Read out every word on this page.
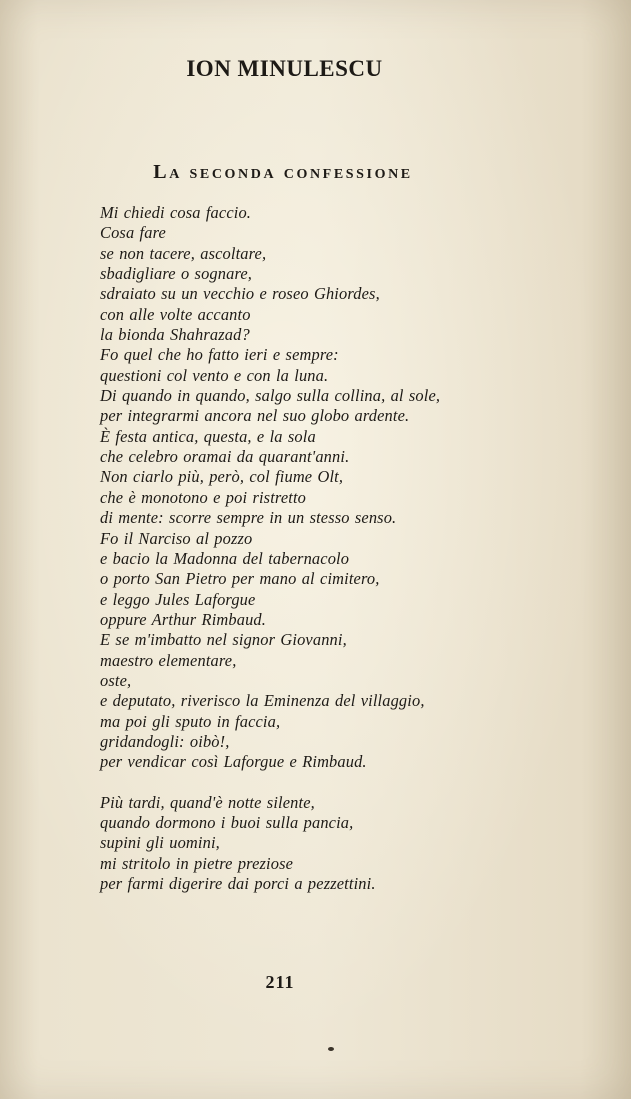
ION MINULESCU
La seconda confessione
Mi chiedi cosa faccio.
Cosa fare
se non tacere, ascoltare,
sbadigliare o sognare,
sdraiato su un vecchio e roseo Ghiordes,
con alle volte accanto
la bionda Shahrazad?
Fo quel che ho fatto ieri e sempre:
questioni col vento e con la luna.
Di quando in quando, salgo sulla collina, al sole,
per integrarmi ancora nel suo globo ardente.
È festa antica, questa, e la sola
che celebro oramai da quarant'anni.
Non ciarlo più, però, col fiume Olt,
che è monotono e poi ristretto
di mente: scorre sempre in un stesso senso.
Fo il Narciso al pozzo
e bacio la Madonna del tabernacolo
o porto San Pietro per mano al cimitero,
e leggo Jules Laforgue
oppure Arthur Rimbaud.
E se m'imbatto nel signor Giovanni,
maestro elementare,
oste,
e deputato, riverisco la Eminenza del villaggio,
ma poi gli sputo in faccia,
gridandogli: oibò!,
per vendicar così Laforgue e Rimbaud.
Più tardi, quand'è notte silente,
quando dormono i buoi sulla pancia,
supini gli uomini,
mi stritolo in pietre preziose
per farmi digerire dai porci a pezzettini.
211
